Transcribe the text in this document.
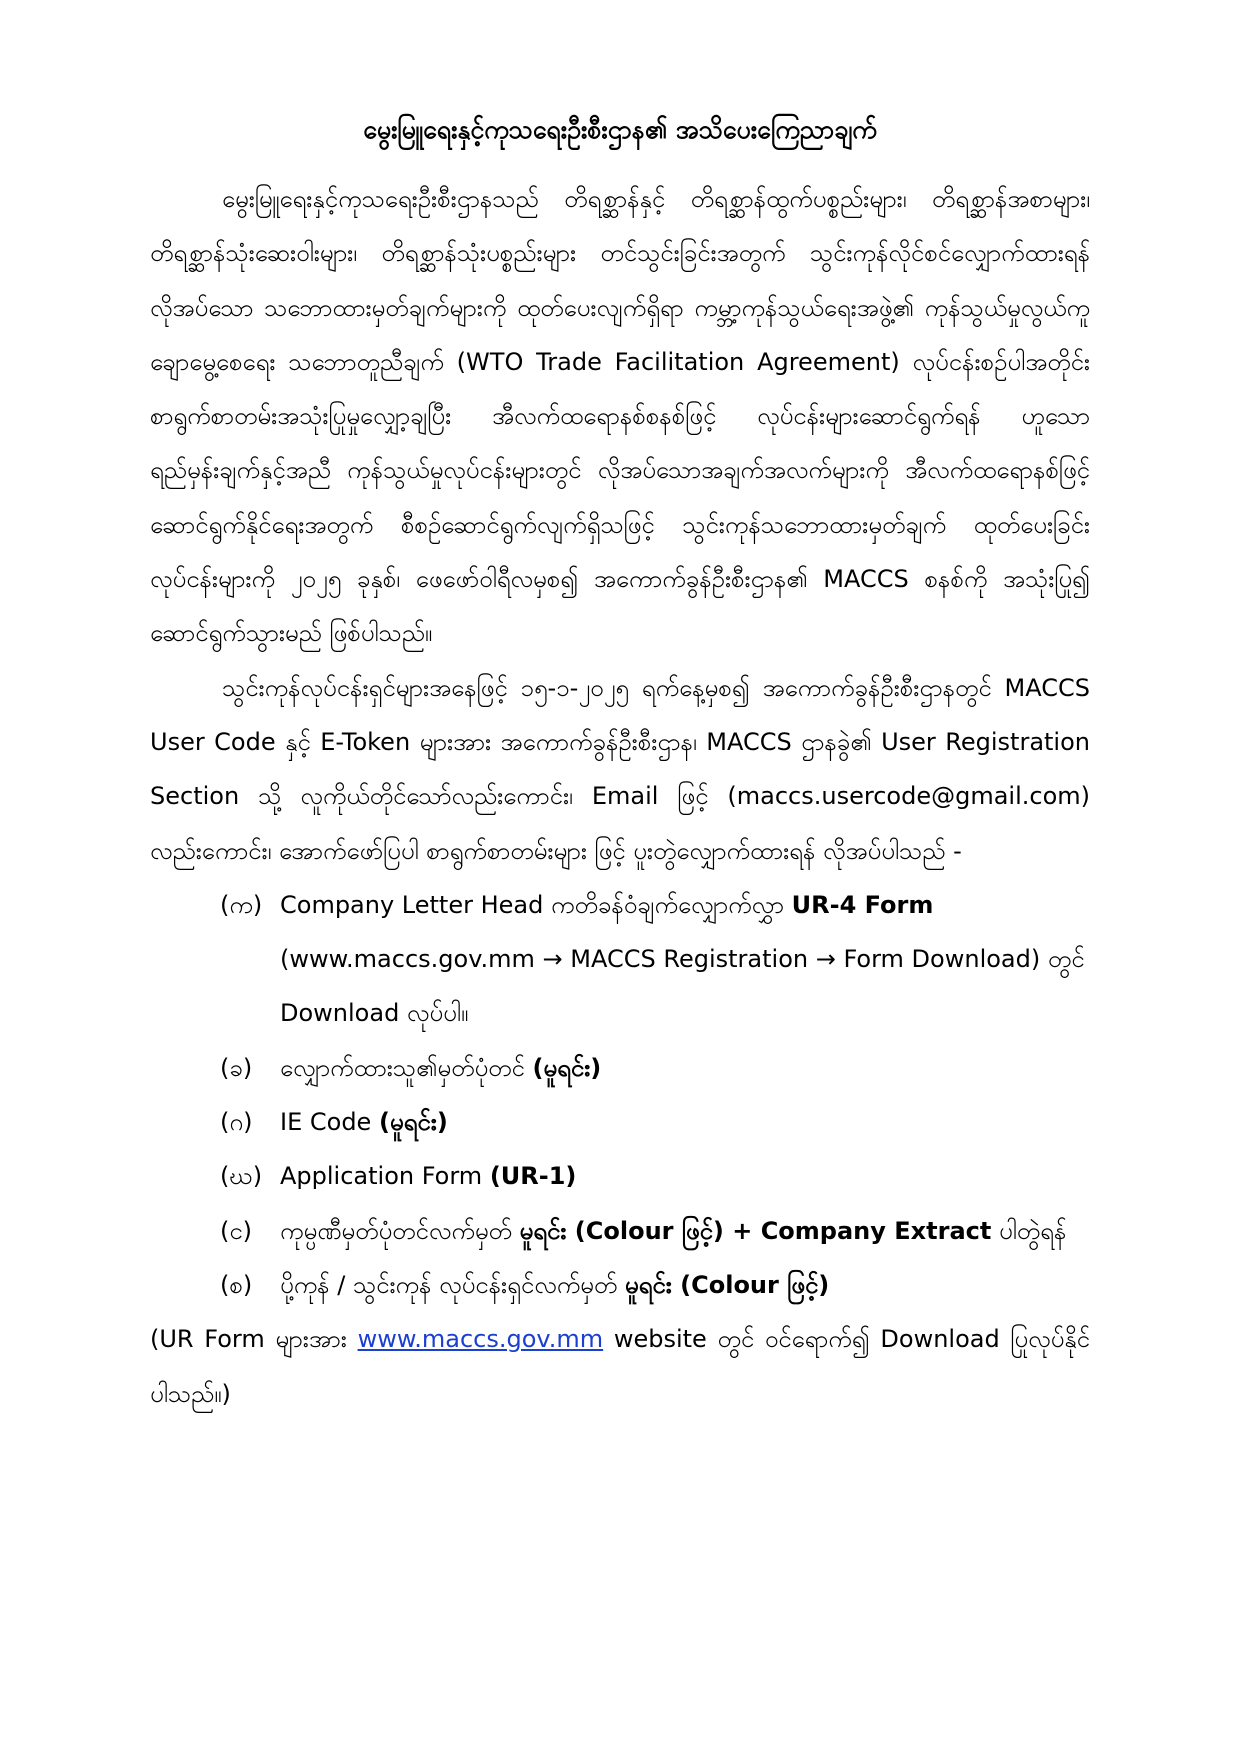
မွေးမြူရေးနှင့်ကုသရေးဦးစီးဌာန၏ အသိပေးကြေညာချက်

မွေးမြူရေးနှင့်ကုသရေးဦးစီးဌာနသည် တိရစ္ဆာန်နှင့် တိရစ္ဆာန်ထွက်ပစ္စည်းများ၊ တိရစ္ဆာန်အစာများ၊ တိရစ္ဆာန်သုံးဆေးဝါးများ၊ တိရစ္ဆာန်သုံးပစ္စည်းများ တင်သွင်းခြင်းအတွက် သွင်းကုန်လိုင်စင်လျှောက်ထားရန် လိုအပ်သော သဘောထားမှတ်ချက်များကို ထုတ်ပေးလျက်ရှိရာ ကမ္ဘာ့ကုန်သွယ်ရေးအဖွဲ့၏ ကုန်သွယ်မှုလွယ်ကူချောမွေ့စေရေး သဘောတူညီချက် (WTO Trade Facilitation Agreement) လုပ်ငန်းစဉ်ပါအတိုင်း စာရွက်စာတမ်းအသုံးပြုမှုလျှော့ချပြီး အီလက်ထရောနစ်စနစ်ဖြင့် လုပ်ငန်းများဆောင်ရွက်ရန် ဟူသောရည်မှန်းချက်နှင့်အညီ ကုန်သွယ်မှုလုပ်ငန်းများတွင် လိုအပ်သောအချက်အလက်များကို အီလက်ထရောနစ်ဖြင့် ဆောင်ရွက်နိုင်ရေးအတွက် စီစဉ်ဆောင်ရွက်လျက်ရှိသဖြင့် သွင်းကုန်သဘောထားမှတ်ချက် ထုတ်ပေးခြင်းလုပ်ငန်းများကို ၂၀၂၅ ခုနှစ်၊ ဖေဖော်ဝါရီလမှစ၍ အကောက်ခွန်ဦးစီးဌာန၏ MACCS စနစ်ကို အသုံးပြု၍ ဆောင်ရွက်သွားမည် ဖြစ်ပါသည်။

သွင်းကုန်လုပ်ငန်းရှင်များအနေဖြင့် ၁၅-၁-၂၀၂၅ ရက်နေ့မှစ၍ အကောက်ခွန်ဦးစီးဌာနတွင် MACCS User Code နှင့် E-Token များအား အကောက်ခွန်ဦးစီးဌာန၊ MACCS ဌာနခွဲ၏ User Registration Section သို့ လူကိုယ်တိုင်သော်လည်းကောင်း၊ Email ဖြင့် (maccs.usercode@gmail.com) လည်းကောင်း၊ အောက်ဖော်ပြပါ စာရွက်စာတမ်းများ ဖြင့် ပူးတွဲလျှောက်ထားရန် လိုအပ်ပါသည် -

(က) Company Letter Head ကတိခန်ဝံချက်လျှောက်လွှာ UR-4 Form (www.maccs.gov.mm → MACCS Registration → Form Download) တွင် Download လုပ်ပါ။
(ခ) လျှောက်ထားသူ၏မှတ်ပုံတင် (မူရင်း)
(ဂ) IE Code (မူရင်း)
(ဃ) Application Form (UR-1)
(င) ကုမ္ပဏီမှတ်ပုံတင်လက်မှတ် မူရင်း (Colour ဖြင့်) + Company Extract ပါတွဲရန်
(စ) ပို့ကုန် / သွင်းကုန် လုပ်ငန်းရှင်လက်မှတ် မူရင်း (Colour ဖြင့်)

(UR Form များအား www.maccs.gov.mm website တွင် ဝင်ရောက်၍ Download ပြုလုပ်နိုင်ပါသည်။)
